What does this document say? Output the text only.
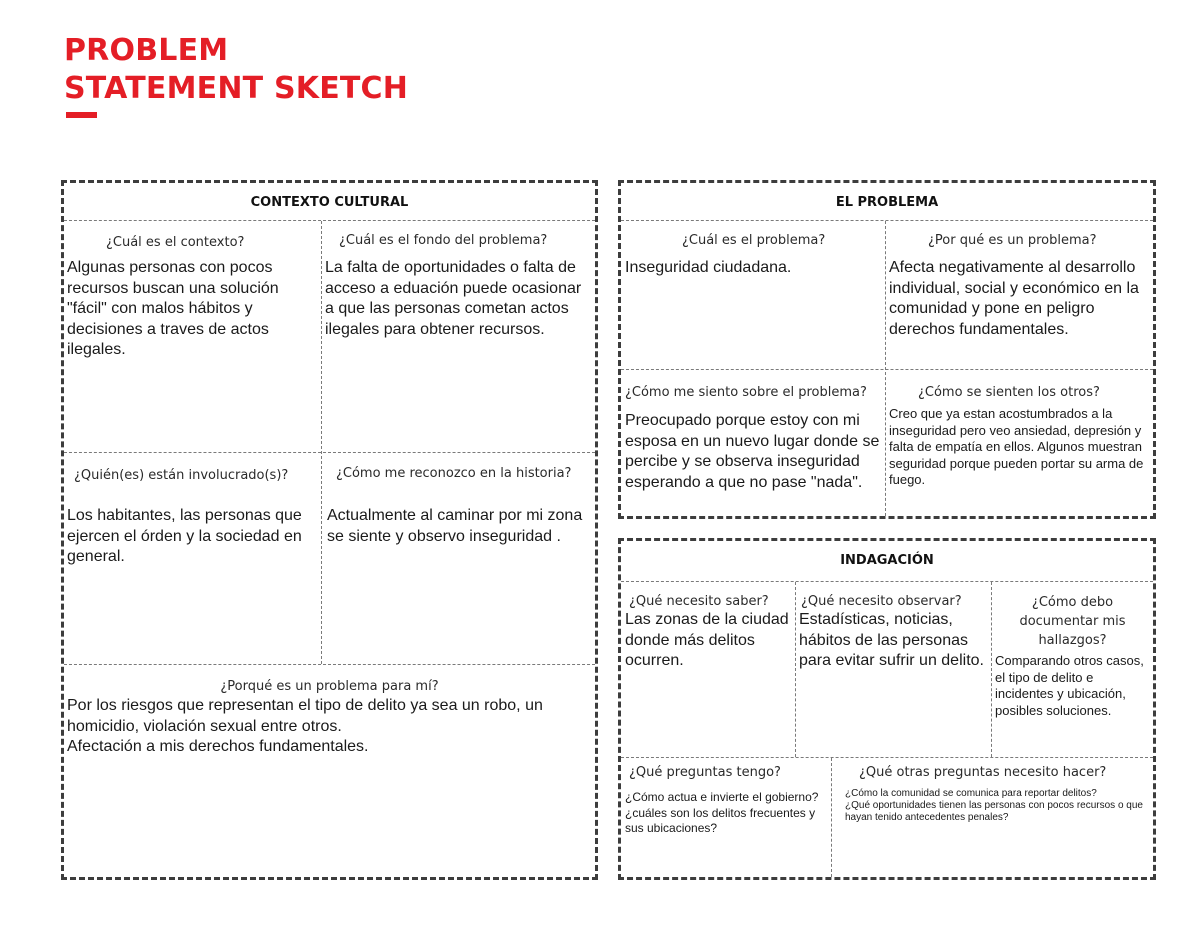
PROBLEM
STATEMENT SKETCH
CONTEXTO CULTURAL
¿Cuál es el contexto?
Algunas personas con pocos recursos buscan una solución "fácil" con malos hábitos y decisiones a traves de actos ilegales.
¿Cuál es el fondo del problema?
La falta de oportunidades o falta de acceso a eduación puede ocasionar a que las personas cometan actos ilegales para obtener recursos.
¿Quién(es) están involucrado(s)?
Los habitantes, las personas que ejercen el órden y la sociedad en general.
¿Cómo me reconozco en la historia?
Actualmente al caminar por mi zona se siente y observo inseguridad .
¿Porqué es un problema para mí?
Por los riesgos que representan el tipo de delito ya sea un robo, un homicidio, violación sexual entre otros.
Afectación a mis derechos fundamentales.
EL PROBLEMA
¿Cuál es el problema?
Inseguridad ciudadana.
¿Por qué es un problema?
Afecta negativamente al desarrollo individual, social y económico en la comunidad y pone en peligro derechos fundamentales.
¿Cómo me siento sobre el problema?
Preocupado porque estoy con mi esposa en un nuevo lugar donde se percibe y se observa inseguridad esperando a que no pase "nada".
¿Cómo se sienten los otros?
Creo que ya estan acostumbrados a la inseguridad pero veo ansiedad, depresión y falta de empatía en ellos. Algunos muestran seguridad porque pueden portar su arma de fuego.
INDAGACIÓN
¿Qué necesito saber?
Las zonas de la ciudad donde más delitos ocurren.
¿Qué necesito observar?
Estadísticas, noticias, hábitos de las personas para evitar sufrir un delito.
¿Cómo debo documentar mis hallazgos?
Comparando otros casos, el tipo de delito e incidentes y ubicación, posibles soluciones.
¿Qué preguntas tengo?
¿Cómo actua e invierte el gobierno? ¿cuáles son los delitos frecuentes y sus ubicaciones?
¿Qué otras preguntas necesito hacer?
¿Cómo la comunidad se comunica para reportar delitos?
¿Qué oportunidades tienen las personas con pocos recursos o que hayan tenido antecedentes penales?
